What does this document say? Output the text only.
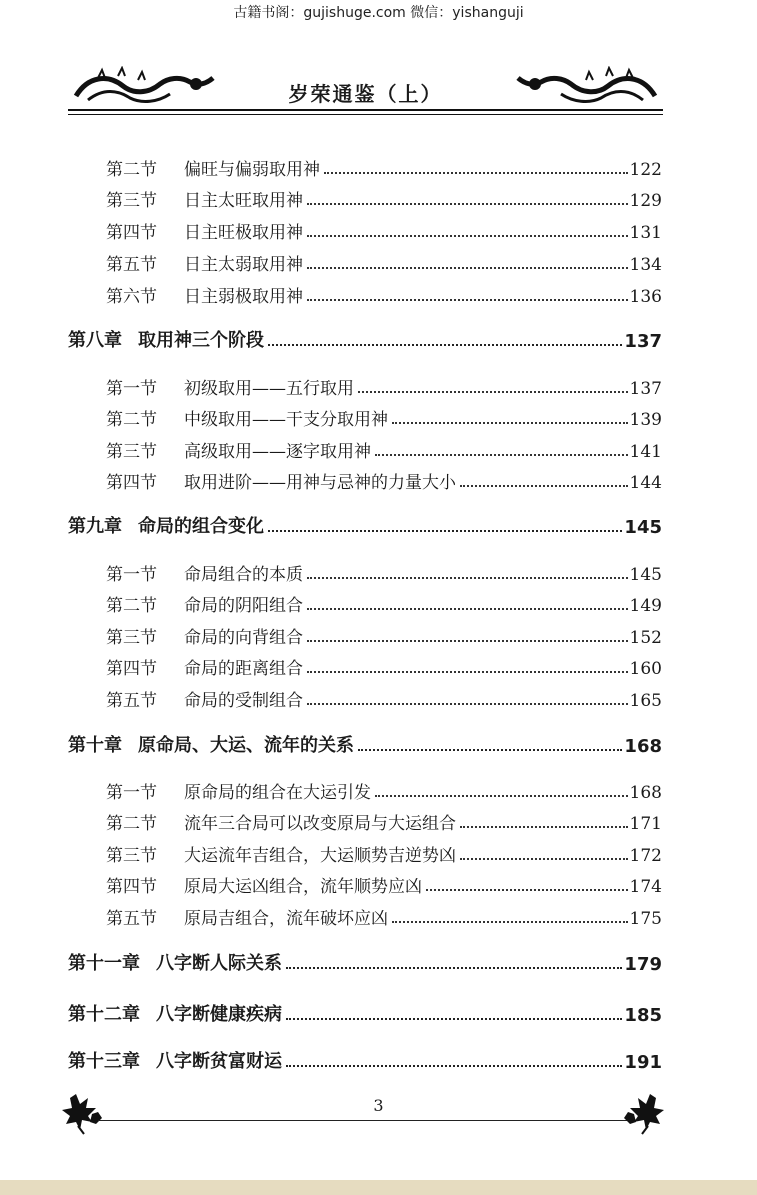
古籍书阁：gujishuge.com 微信：yishanguji
岁荣通鉴（上）
第二节	偏旺与偏弱取用神	122
第三节	日主太旺取用神	129
第四节	日主旺极取用神	131
第五节	日主太弱取用神	134
第六节	日主弱极取用神	136
第八章 取用神三个阶段	137
第一节	初级取用——五行取用	137
第二节	中级取用——干支分取用神	139
第三节	高级取用——逐字取用神	141
第四节	取用进阶——用神与忌神的力量大小	144
第九章 命局的组合变化	145
第一节	命局组合的本质	145
第二节	命局的阴阳组合	149
第三节	命局的向背组合	152
第四节	命局的距离组合	160
第五节	命局的受制组合	165
第十章 原命局、大运、流年的关系	168
第一节	原命局的组合在大运引发	168
第二节	流年三合局可以改变原局与大运组合	171
第三节	大运流年吉组合，大运顺势吉逆势凶	172
第四节	原局大运凶组合，流年顺势应凶	174
第五节	原局吉组合，流年破坏应凶	175
第十一章 八字断人际关系	179
第十二章 八字断健康疾病	185
第十三章 八字断贫富财运	191
3
